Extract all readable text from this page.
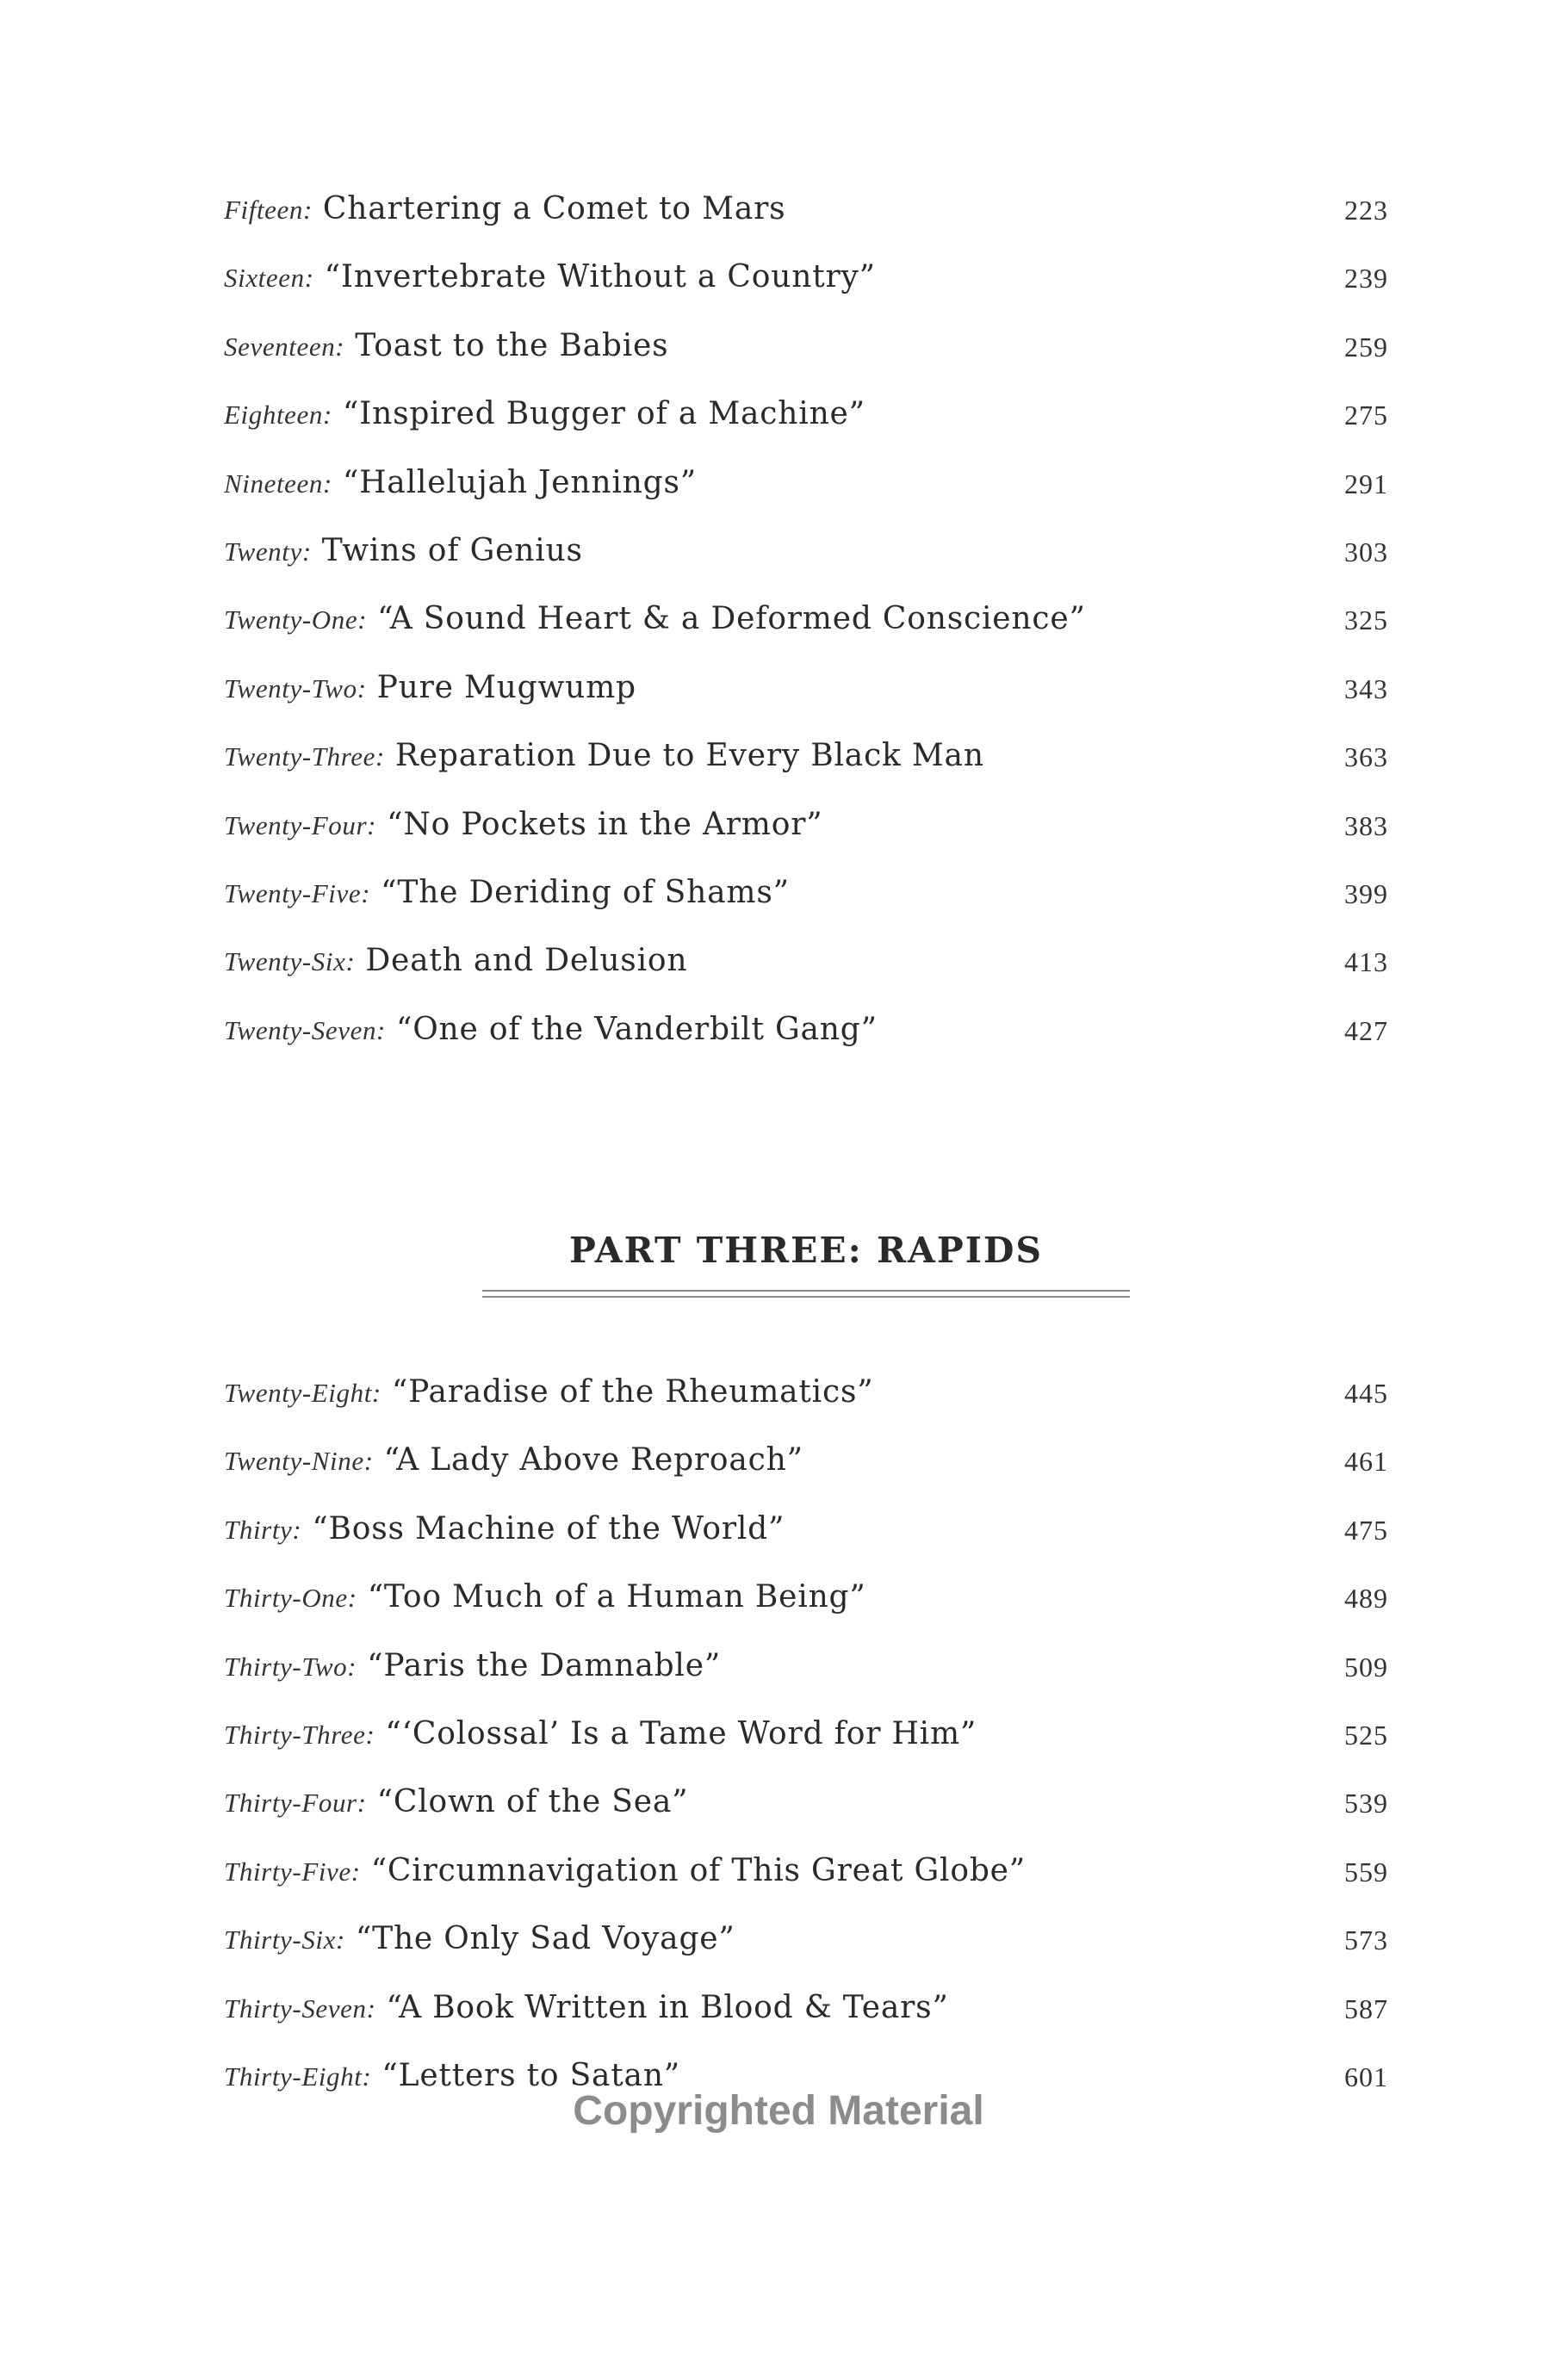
Fifteen: Chartering a Comet to Mars	223
Sixteen: “Invertebrate Without a Country”	239
Seventeen: Toast to the Babies	259
Eighteen: “Inspired Bugger of a Machine”	275
Nineteen: “Hallelujah Jennings”	291
Twenty: Twins of Genius	303
Twenty-One: “A Sound Heart & a Deformed Conscience”	325
Twenty-Two: Pure Mugwump	343
Twenty-Three: Reparation Due to Every Black Man	363
Twenty-Four: “No Pockets in the Armor”	383
Twenty-Five: “The Deriding of Shams”	399
Twenty-Six: Death and Delusion	413
Twenty-Seven: “One of the Vanderbilt Gang”	427
PART THREE: RAPIDS
Twenty-Eight: “Paradise of the Rheumatics”	445
Twenty-Nine: “A Lady Above Reproach”	461
Thirty: “Boss Machine of the World”	475
Thirty-One: “Too Much of a Human Being”	489
Thirty-Two: “Paris the Damnable”	509
Thirty-Three: “‘Colossal’ Is a Tame Word for Him”	525
Thirty-Four: “Clown of the Sea”	539
Thirty-Five: “Circumnavigation of This Great Globe”	559
Thirty-Six: “The Only Sad Voyage”	573
Thirty-Seven: “A Book Written in Blood & Tears”	587
Thirty-Eight: “Letters to Satan”	601
Copyrighted Material
